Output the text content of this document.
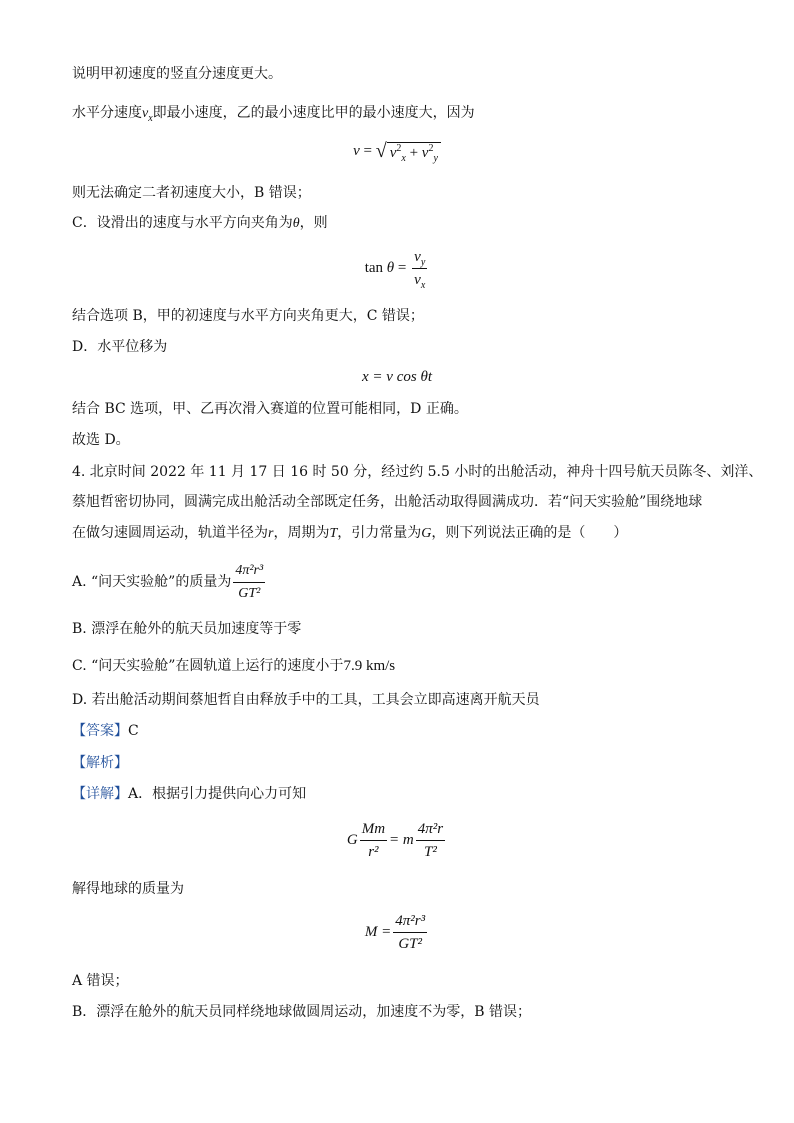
说明甲初速度的竖直分速度更大。
水平分速度$v_x$即最小速度，乙的最小速度比甲的最小速度大，因为
v = √ $v^2_x + v^2_y$
则无法确定二者初速度大小，B 错误；
C．设滑出的速度与水平方向夹角为θ，则
$\tan \theta = \frac{v_y}{v_x}$
结合选项 B，甲的初速度与水平方向夹角更大，C 错误；
D．水平位移为
x = v cos θt
结合 BC 选项，甲、乙再次滑入赛道的位置可能相同，D 正确。
故选 D。
4. 北京时间 2022 年 11 月 17 日 16 时 50 分，经过约 5.5 小时的出舱活动，神舟十四号航天员陈冬、刘洋、
蔡旭哲密切协同，圆满完成出舱活动全部既定任务，出舱活动取得圆满成功．若“问天实验舱”围绕地球
在做匀速圆周运动，轨道半径为r，周期为T，引力常量为G，则下列说法正确的是（　　）
A. “问天实验舱”的质量为 $\frac{\text{4π²r³}}{\text{GT²}}$
B. 漂浮在舱外的航天员加速度等于零
C. “问天实验舱”在圆轨道上运行的速度小于7.9 km/s
D. 若出舱活动期间蔡旭哲自由释放手中的工具，工具会立即高速离开航天员
【答案】C
【解析】
【详解】A．根据引力提供向心力可知
G $\frac{Mm}{\text{r²}} = m \frac{\text{4π²r}}{\text{T²}}$
解得地球的质量为
$M = \frac{\text{4π²r³}}{\text{GT²}}$
A 错误；
B．漂浮在舱外的航天员同样绕地球做圆周运动，加速度不为零，B 错误；
